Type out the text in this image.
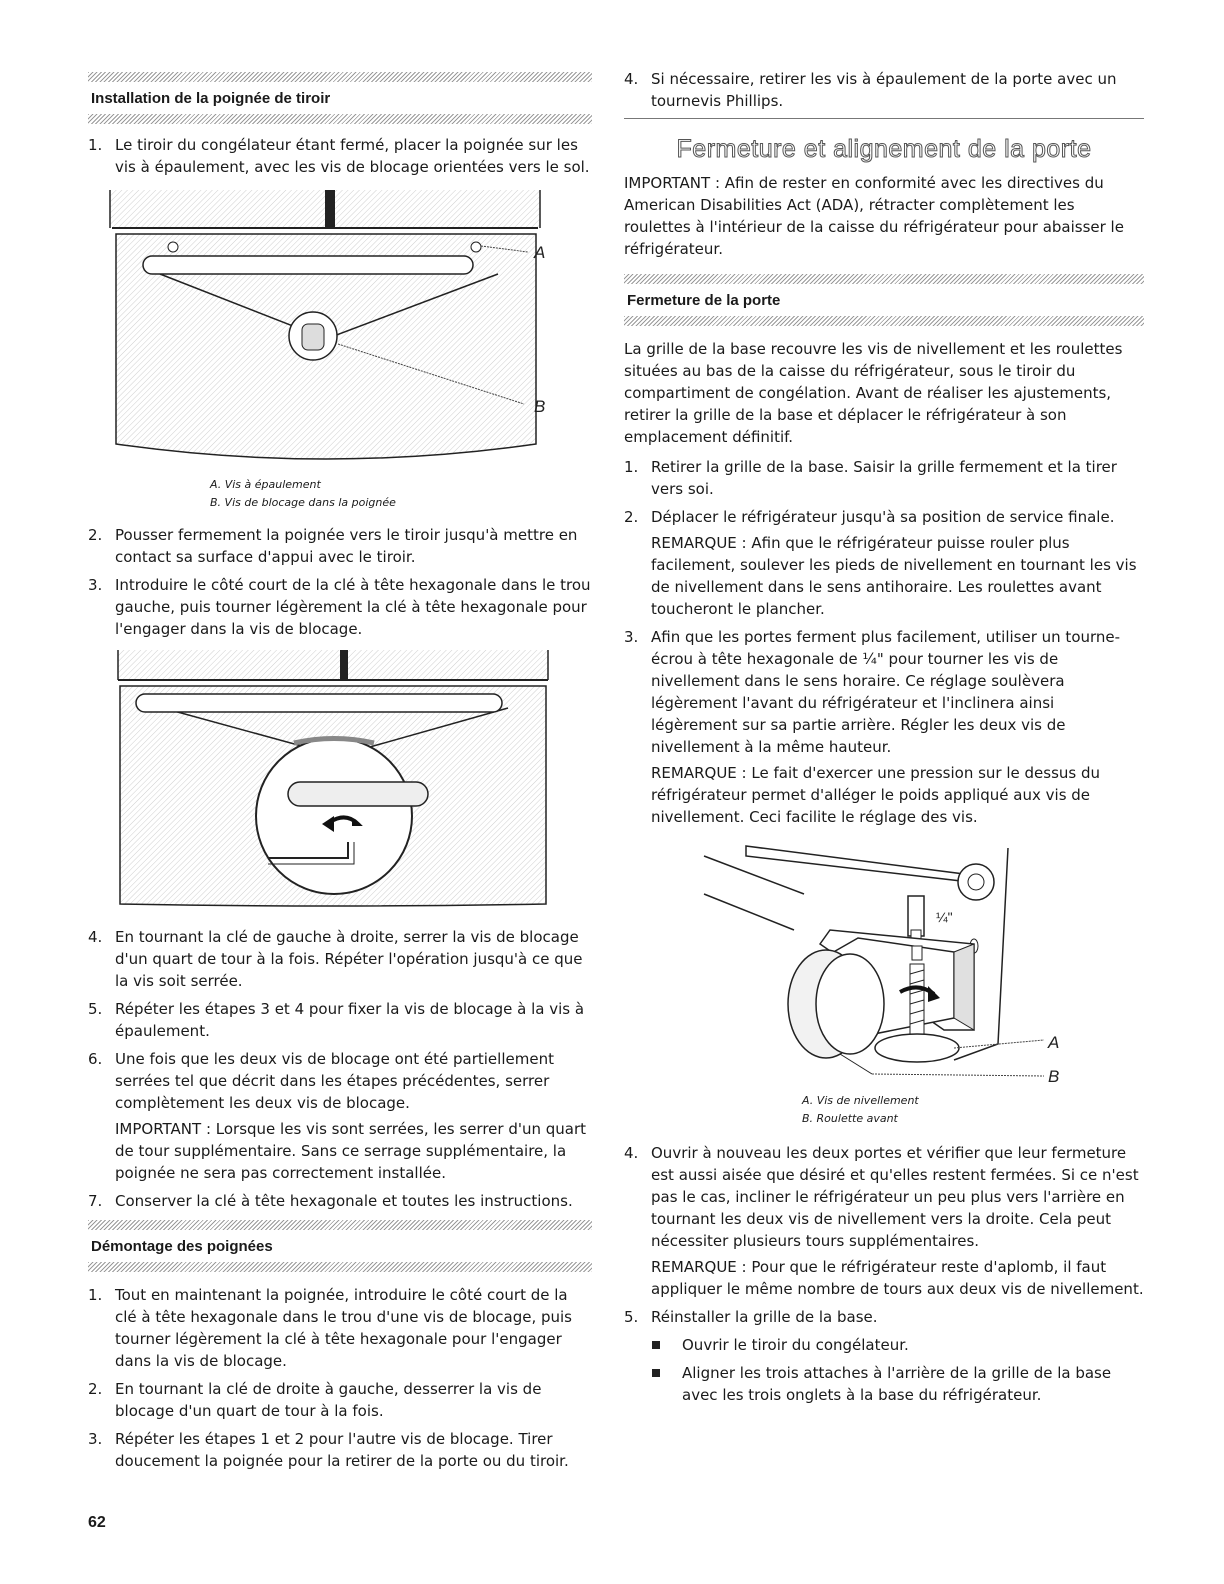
Installation de la poignée de tiroir
1. Le tiroir du congélateur étant fermé, placer la poignée sur les vis à épaulement, avec les vis de blocage orientées vers le sol.
A
B
A. Vis à épaulement
B. Vis de blocage dans la poignée
2. Pousser fermement la poignée vers le tiroir jusqu'à mettre en contact sa surface d'appui avec le tiroir.
3. Introduire le côté court de la clé à tête hexagonale dans le trou gauche, puis tourner légèrement la clé à tête hexagonale pour l'engager dans la vis de blocage.
4. En tournant la clé de gauche à droite, serrer la vis de blocage d'un quart de tour à la fois. Répéter l'opération jusqu'à ce que la vis soit serrée.
5. Répéter les étapes 3 et 4 pour fixer la vis de blocage à la vis à épaulement.
6. Une fois que les deux vis de blocage ont été partiellement serrées tel que décrit dans les étapes précédentes, serrer complètement les deux vis de blocage.

IMPORTANT : Lorsque les vis sont serrées, les serrer d'un quart de tour supplémentaire. Sans ce serrage supplémentaire, la poignée ne sera pas correctement installée.

7. Conserver la clé à tête hexagonale et toutes les instructions.
Démontage des poignées
1. Tout en maintenant la poignée, introduire le côté court de la clé à tête hexagonale dans le trou d'une vis de blocage, puis tourner légèrement la clé à tête hexagonale pour l'engager dans la vis de blocage.
2. En tournant la clé de droite à gauche, desserrer la vis de blocage d'un quart de tour à la fois.
3. Répéter les étapes 1 et 2 pour l'autre vis de blocage. Tirer doucement la poignée pour la retirer de la porte ou du tiroir.
4. Si nécessaire, retirer les vis à épaulement de la porte avec un tournevis Phillips.
Fermeture et alignement de la porte

IMPORTANT : Afin de rester en conformité avec les directives du American Disabilities Act (ADA), rétracter complètement les roulettes à l'intérieur de la caisse du réfrigérateur pour abaisser le réfrigérateur.

Fermeture de la porte

La grille de la base recouvre les vis de nivellement et les roulettes situées au bas de la caisse du réfrigérateur, sous le tiroir du compartiment de congélation. Avant de réaliser les ajustements, retirer la grille de la base et déplacer le réfrigérateur à son emplacement définitif.

1. Retirer la grille de la base. Saisir la grille fermement et la tirer vers soi.
2. Déplacer le réfrigérateur jusqu'à sa position de service finale.

REMARQUE : Afin que le réfrigérateur puisse rouler plus facilement, soulever les pieds de nivellement en tournant les vis de nivellement dans le sens antihoraire. Les roulettes avant toucheront le plancher.

3. Afin que les portes ferment plus facilement, utiliser un tourne-écrou à tête hexagonale de ¼" pour tourner les vis de nivellement dans le sens horaire. Ce réglage soulèvera légèrement l'avant du réfrigérateur et l'inclinera ainsi légèrement sur sa partie arrière. Régler les deux vis de nivellement à la même hauteur.

REMARQUE : Le fait d'exercer une pression sur le dessus du réfrigérateur permet d'alléger le poids appliqué aux vis de nivellement. Ceci facilite le réglage des vis.

¼"
A
B
A. Vis de nivellement
B. Roulette avant
4. Ouvrir à nouveau les deux portes et vérifier que leur fermeture est aussi aisée que désiré et qu'elles restent fermées. Si ce n'est pas le cas, incliner le réfrigérateur un peu plus vers l'arrière en tournant les deux vis de nivellement vers la droite. Cela peut nécessiter plusieurs tours supplémentaires.

REMARQUE : Pour que le réfrigérateur reste d'aplomb, il faut appliquer le même nombre de tours aux deux vis de nivellement.

5. Réinstaller la grille de la base.
Ouvrir le tiroir du congélateur.
Aligner les trois attaches à l'arrière de la grille de la base avec les trois onglets à la base du réfrigérateur.
62
